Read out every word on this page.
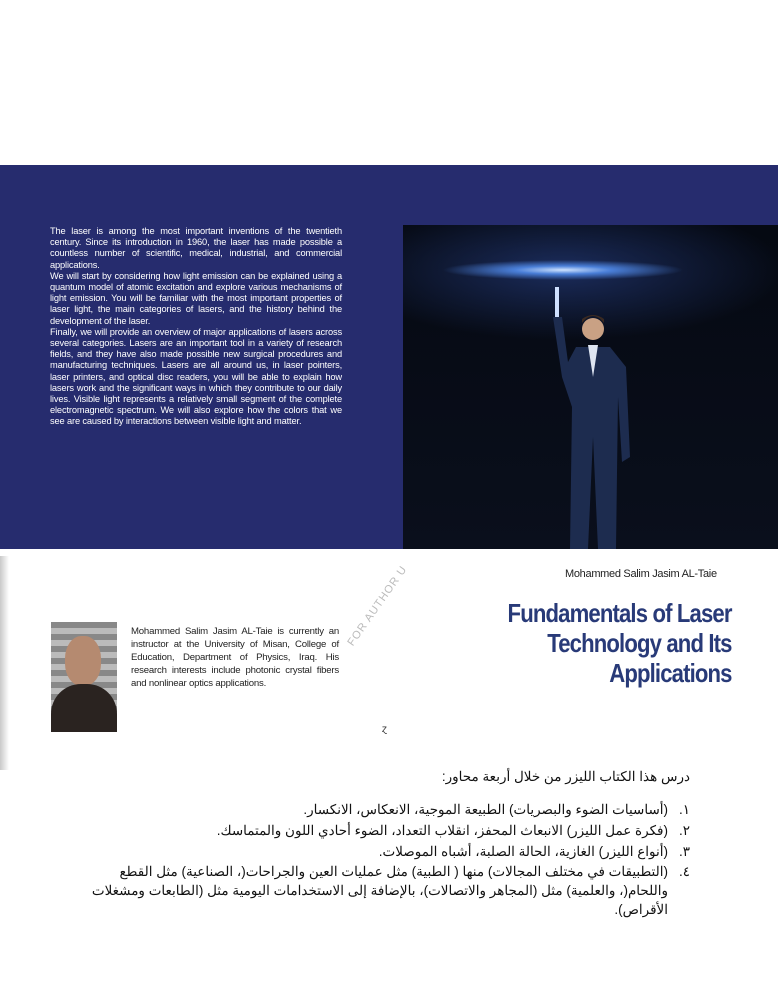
The laser is among the most important inventions of the twentieth century. Since its introduction in 1960, the laser has made possible a countless number of scientific, medical, industrial, and commercial applications.

We will start by considering how light emission can be explained using a quantum model of atomic excitation and explore various mechanisms of light emission. You will be familiar with the most important properties of laser light, the main categories of lasers, and the history behind the development of the laser.

Finally, we will provide an overview of major applications of lasers across several categories. Lasers are an important tool in a variety of research fields, and they have also made possible new surgical procedures and manufacturing techniques. Lasers are all around us, in laser pointers, laser printers, and optical disc readers, you will be able to explain how lasers work and the significant ways in which they contribute to our daily lives. Visible light represents a relatively small segment of the complete electromagnetic spectrum. We will also explore how the colors that we see are caused by interactions between visible light and matter.

Mohammed Salim Jasim AL-Taie
Fundamentals of Laser
Technology and Its
Applications
FOR AUTHOR U
Mohammed Salim Jasim AL-Taie is currently an instructor at the University of Misan, College of Education, Department of Physics, Iraq. His research interests include photonic crystal fibers and nonlinear optics applications.
ɀ
درس هذا الكتاب الليزر من خلال أربعة محاور:
١.
(أساسيات الضوء والبصريات) الطبيعة الموجية، الانعكاس، الانكسار.
٢.
(فكرة عمل الليزر) الانبعاث المحفز، انقلاب التعداد، الضوء أحادي اللون والمتماسك.
٣.
(أنواع الليزر) الغازية، الحالة الصلبة، أشباه الموصلات.
٤.
(التطبيقات في مختلف المجالات) منها ( الطبية) مثل عمليات العين والجراحات(، الصناعية) مثل القطع واللحام(، والعلمية) مثل (المجاهر والاتصالات)، بالإضافة إلى الاستخدامات اليومية مثل (الطابعات ومشغلات الأقراص).
